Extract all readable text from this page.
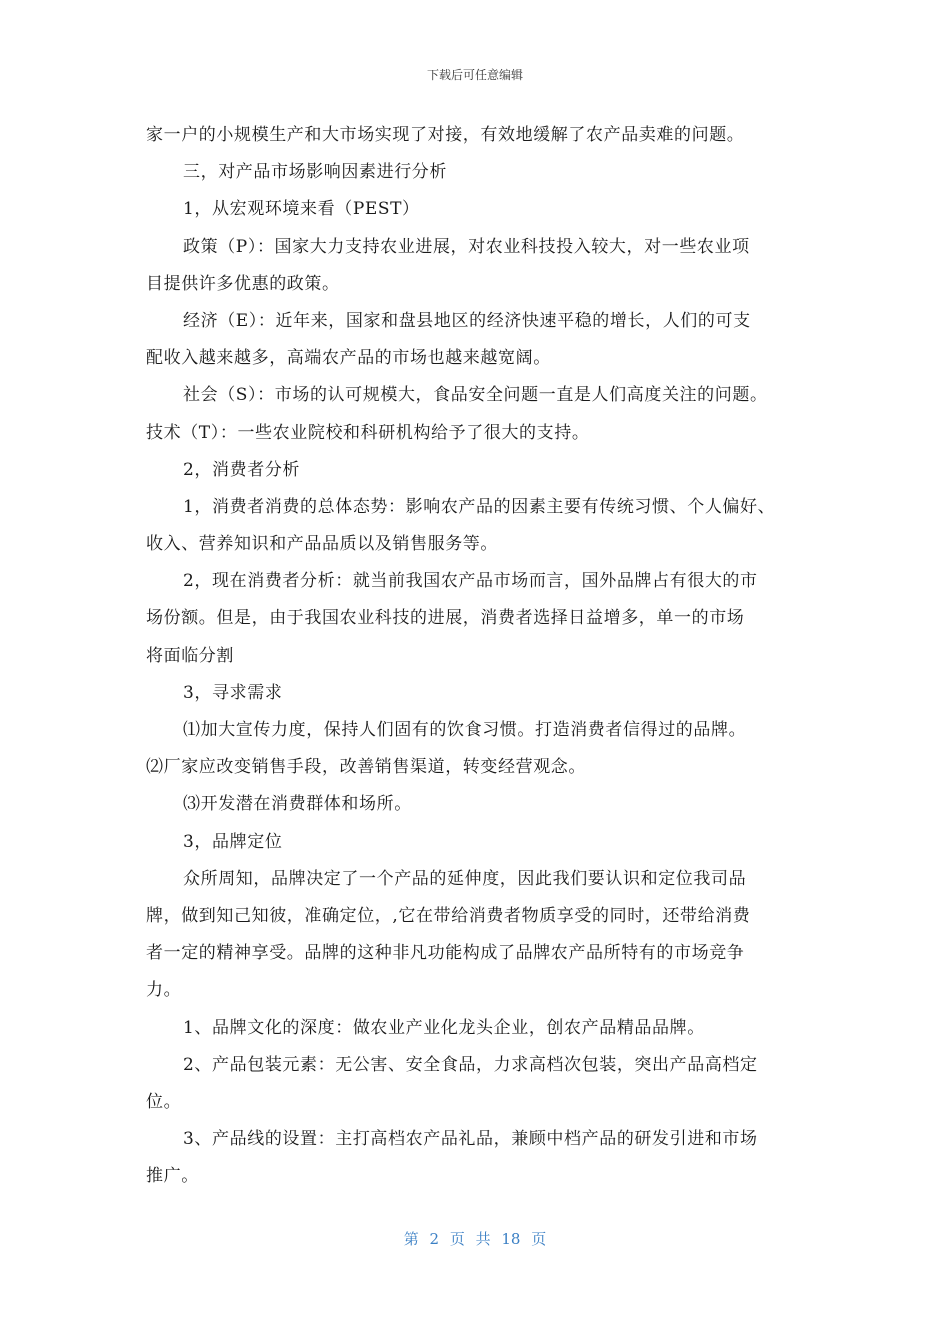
下载后可任意编辑
家一户的小规模生产和大市场实现了对接，有效地缓解了农产品卖难的问题。
三，对产品市场影响因素进行分析
1，从宏观环境来看（PEST）
政策（P）：国家大力支持农业进展，对农业科技投入较大，对一些农业项
目提供许多优惠的政策。
经济（E）：近年来，国家和盘县地区的经济快速平稳的增长，人们的可支
配收入越来越多，高端农产品的市场也越来越宽阔。
社会（S）：市场的认可规模大，食品安全问题一直是人们高度关注的问题。
技术（T）：一些农业院校和科研机构给予了很大的支持。
2，消费者分析
1，消费者消费的总体态势：影响农产品的因素主要有传统习惯、个人偏好、
收入、营养知识和产品品质以及销售服务等。
2，现在消费者分析：就当前我国农产品市场而言，国外品牌占有很大的市
场份额。但是，由于我国农业科技的进展，消费者选择日益增多，单一的市场
将面临分割
3，寻求需求
⑴加大宣传力度，保持人们固有的饮食习惯。打造消费者信得过的品牌。
⑵厂家应改变销售手段，改善销售渠道，转变经营观念。
⑶开发潜在消费群体和场所。
3，品牌定位
众所周知，品牌决定了一个产品的延伸度，因此我们要认识和定位我司品
牌，做到知己知彼，准确定位，,它在带给消费者物质享受的同时，还带给消费
者一定的精神享受。品牌的这种非凡功能构成了品牌农产品所特有的市场竞争
力。
1、品牌文化的深度：做农业产业化龙头企业，创农产品精品品牌。
2、产品包装元素：无公害、安全食品，力求高档次包装，突出产品高档定
位。
3、产品线的设置：主打高档农产品礼品，兼顾中档产品的研发引进和市场
推广。
第 2 页 共 18 页
